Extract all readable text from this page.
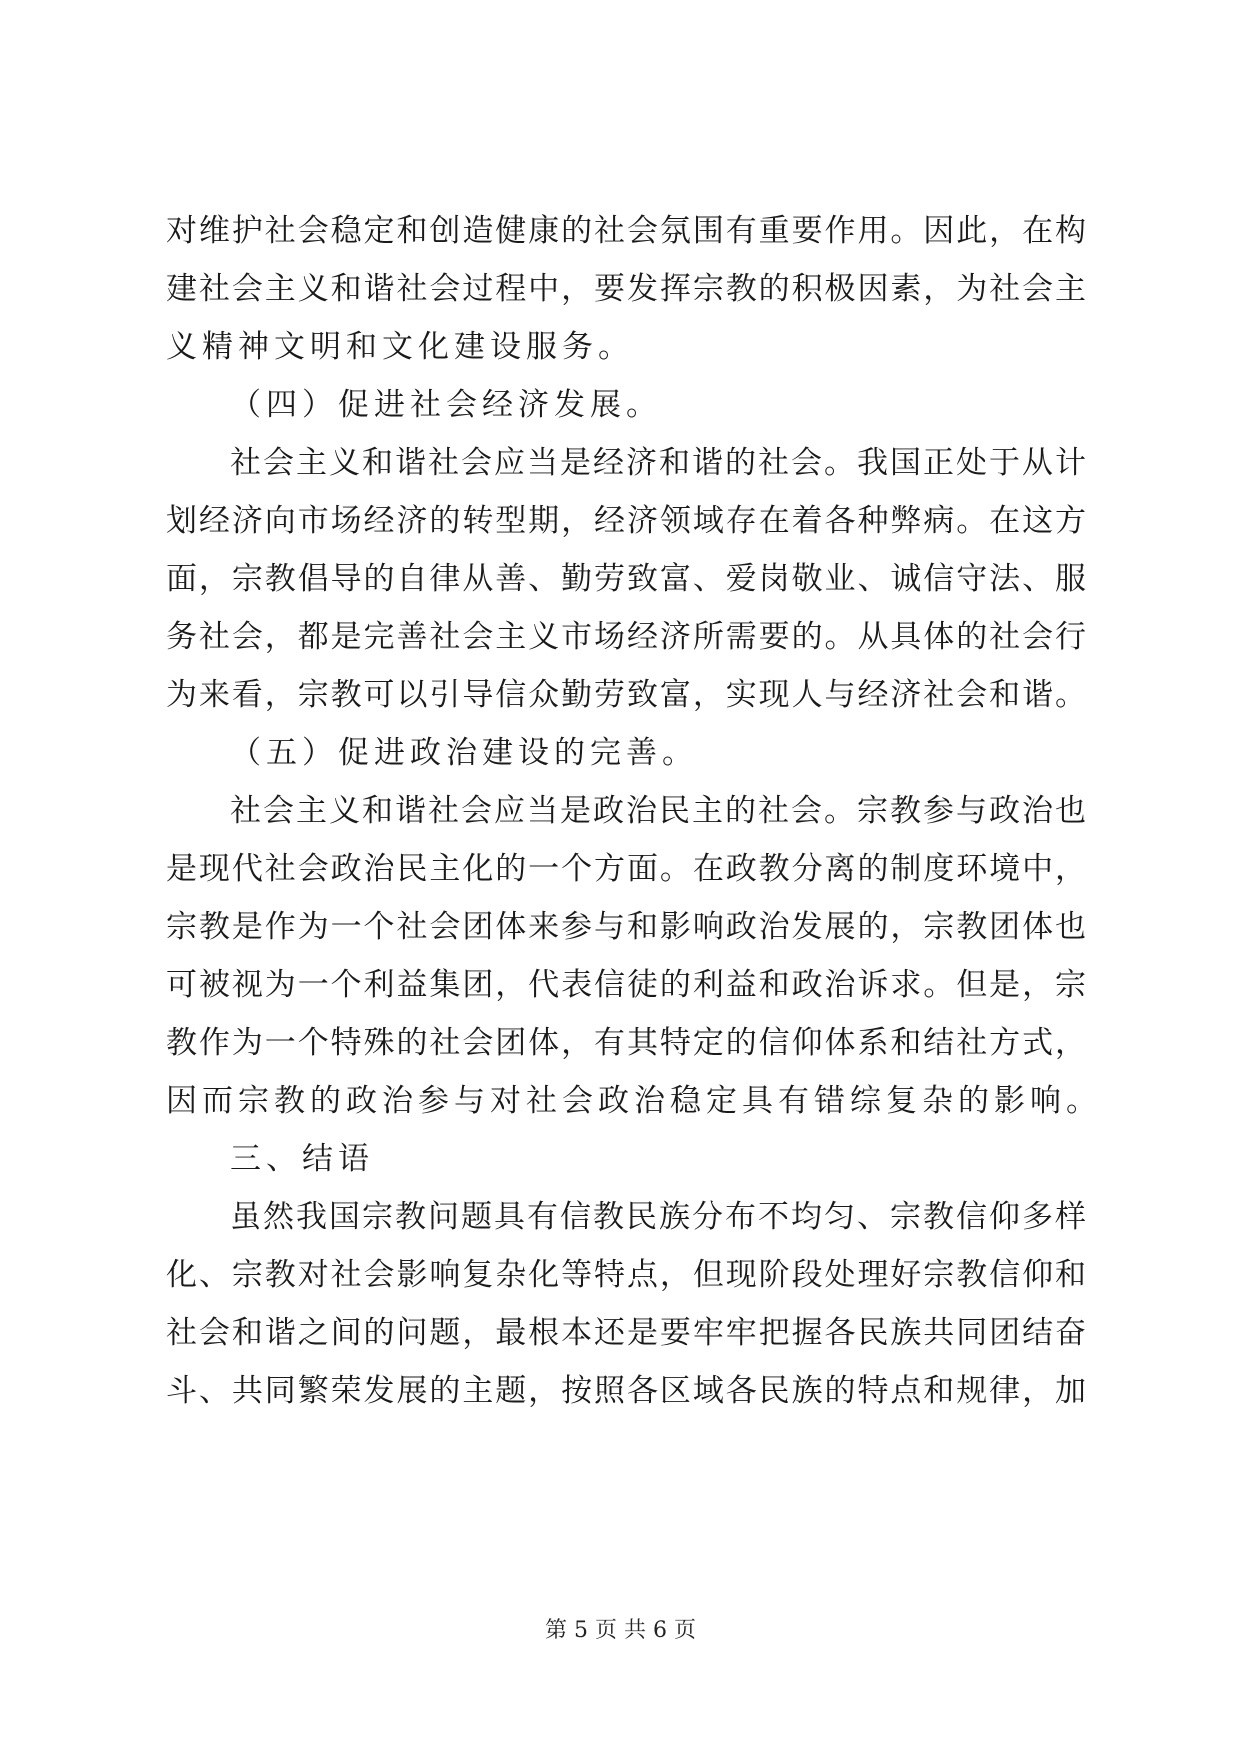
对维护社会稳定和创造健康的社会氛围有重要作用。因此，在构
建社会主义和谐社会过程中，要发挥宗教的积极因素，为社会主
义精神文明和文化建设服务。
（四）促进社会经济发展。
社会主义和谐社会应当是经济和谐的社会。我国正处于从计
划经济向市场经济的转型期，经济领域存在着各种弊病。在这方
面，宗教倡导的自律从善、勤劳致富、爱岗敬业、诚信守法、服
务社会，都是完善社会主义市场经济所需要的。从具体的社会行
为来看，宗教可以引导信众勤劳致富，实现人与经济社会和谐。
（五）促进政治建设的完善。
社会主义和谐社会应当是政治民主的社会。宗教参与政治也
是现代社会政治民主化的一个方面。在政教分离的制度环境中，
宗教是作为一个社会团体来参与和影响政治发展的，宗教团体也
可被视为一个利益集团，代表信徒的利益和政治诉求。但是，宗
教作为一个特殊的社会团体，有其特定的信仰体系和结社方式，
因而宗教的政治参与对社会政治稳定具有错综复杂的影响。
三、结语
虽然我国宗教问题具有信教民族分布不均匀、宗教信仰多样
化、宗教对社会影响复杂化等特点，但现阶段处理好宗教信仰和
社会和谐之间的问题，最根本还是要牢牢把握各民族共同团结奋
斗、共同繁荣发展的主题，按照各区域各民族的特点和规律，加
第 5 页 共 6 页
